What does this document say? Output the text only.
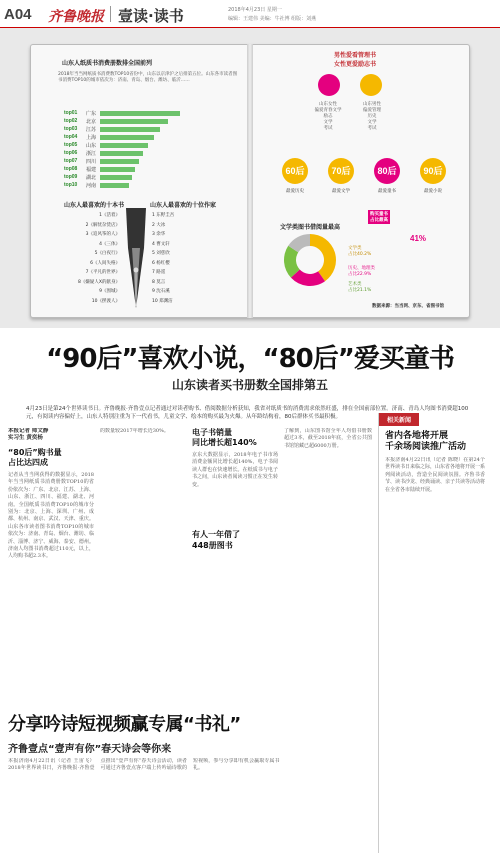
A04 齐鲁晚报 壹读·读书	2018年4月23日 星期一
编辑：王建伟 美编：牛社博 组版：刘燕
山东人纸质书消费册数排全国前列
2018年当当网纸质书消费数TOP10省份中，山东以京津沪之后排第五位。山东各市读者图书消费TOP10的城市依次为：济南、青岛、烟台、潍坊、临沂……
top01 广东
top02 北京
top03 江苏
top04 上海
top05 山东
top06 浙江
top07 四川
top08 福建
top09 湖北
top10 河南
山东人最喜欢的十本书	山东人最喜欢的十位作家
1《活着》
2《解忧杂货店》
3《追风筝的人》
4《三体》
5《白夜行》
6《人间失格》
7《平凡的世界》
8《嫌疑人X的献身》
9《围城》
10《摆渡人》
1 东野圭吾
2 大冰
3 余华
4 曹文轩
5 刘慈欣
6 杨红樱
7 路遥
8 莫言
9 沈石溪
10 郑渊洁
男性爱看管理书
女性更爱励志书
山东女性
偏爱青春文学
励志
文学
考试
山东男性
偏爱管理
历史
文学
考试
60后
最爱历史
70后
最爱文学
80后
最爱童书
90后
最爱小说
购买童书
占比最高
41%
文学类图书借阅量最高
文学类
占比40.2%
历史、地理类
占比22.9%
艺术类
占比21.1%
数据来源：当当网、京东、省图书馆
“90后”喜欢小说，“80后”爱买童书
山东读者买书册数全国排第五
4月23日是第24个世界读书日。齐鲁晚报·齐鲁壹点记者通过对读者购书、借阅数据分析获知，我省对纸质书的消费需求依然旺盛，排在全国前部位置。济南、青岛人均图书消费超100元，有阅读内容偏好上，山东人特别注重为下一代看书，儿童文学、绘本的购买最为火爆。从年龄结构看，80后群体买书最积极。
本报记者 师文静
实习生 黄奕杨
“80后”购书量
占比达四成
记者从当当网获得的数据显示，2018年当当网纸质书消费册数TOP10的省份依次为：广东、北京、江苏、上海、山东、浙江、四川、福建、湖北、河南。全国纸质书消费TOP10的城市分别为：北京、上海、深圳、广州、成都、杭州、南京、武汉、天津、重庆。山东各市读者图书消费TOP10的城市依次为：济南、青岛、烟台、潍坊、临沂、淄博、济宁、威海、泰安、德州。济南人均图书消费超过110元，以上，人均购书超2.3本。
的数量较2017年增长近30%。	电子书销量
同比增长超140%
京东大数据显示，2018年电子书市场消费金额同比增长超140%，电子书阅读人群也在快速增长。在纸质书与电子书之间，山东读者阅读习惯正在发生转变。
有人一年借了
448册图书
了解到，山东图书馆全年人均借书册数超过3本，截至2018年底，全省公共图书馆馆藏已超6000万册。
相关新闻
省内各地将开展
千余场阅读推广活动
本报济南4月22日讯（记者 陈晓）在第24个世界读书日来临之际，山东省各地将开展一系列阅读活动，营造全民阅读氛围。齐鲁书香节、读书沙龙、经典诵读、亲子共读等活动将在全省各市陆续开展。
分享吟诗短视频赢专属“书礼”
齐鲁壹点“壹声有你”春天诗会等你来
本报济南4月22日讯（记者 王宙飞）2018年世界读书日，齐鲁晚报·齐鲁壹点推出“壹声有你”春天诗会活动，读者可通过齐鲁壹点客户端上传吟诵诗歌的短视频，参与分享即有机会赢取专属书礼。
